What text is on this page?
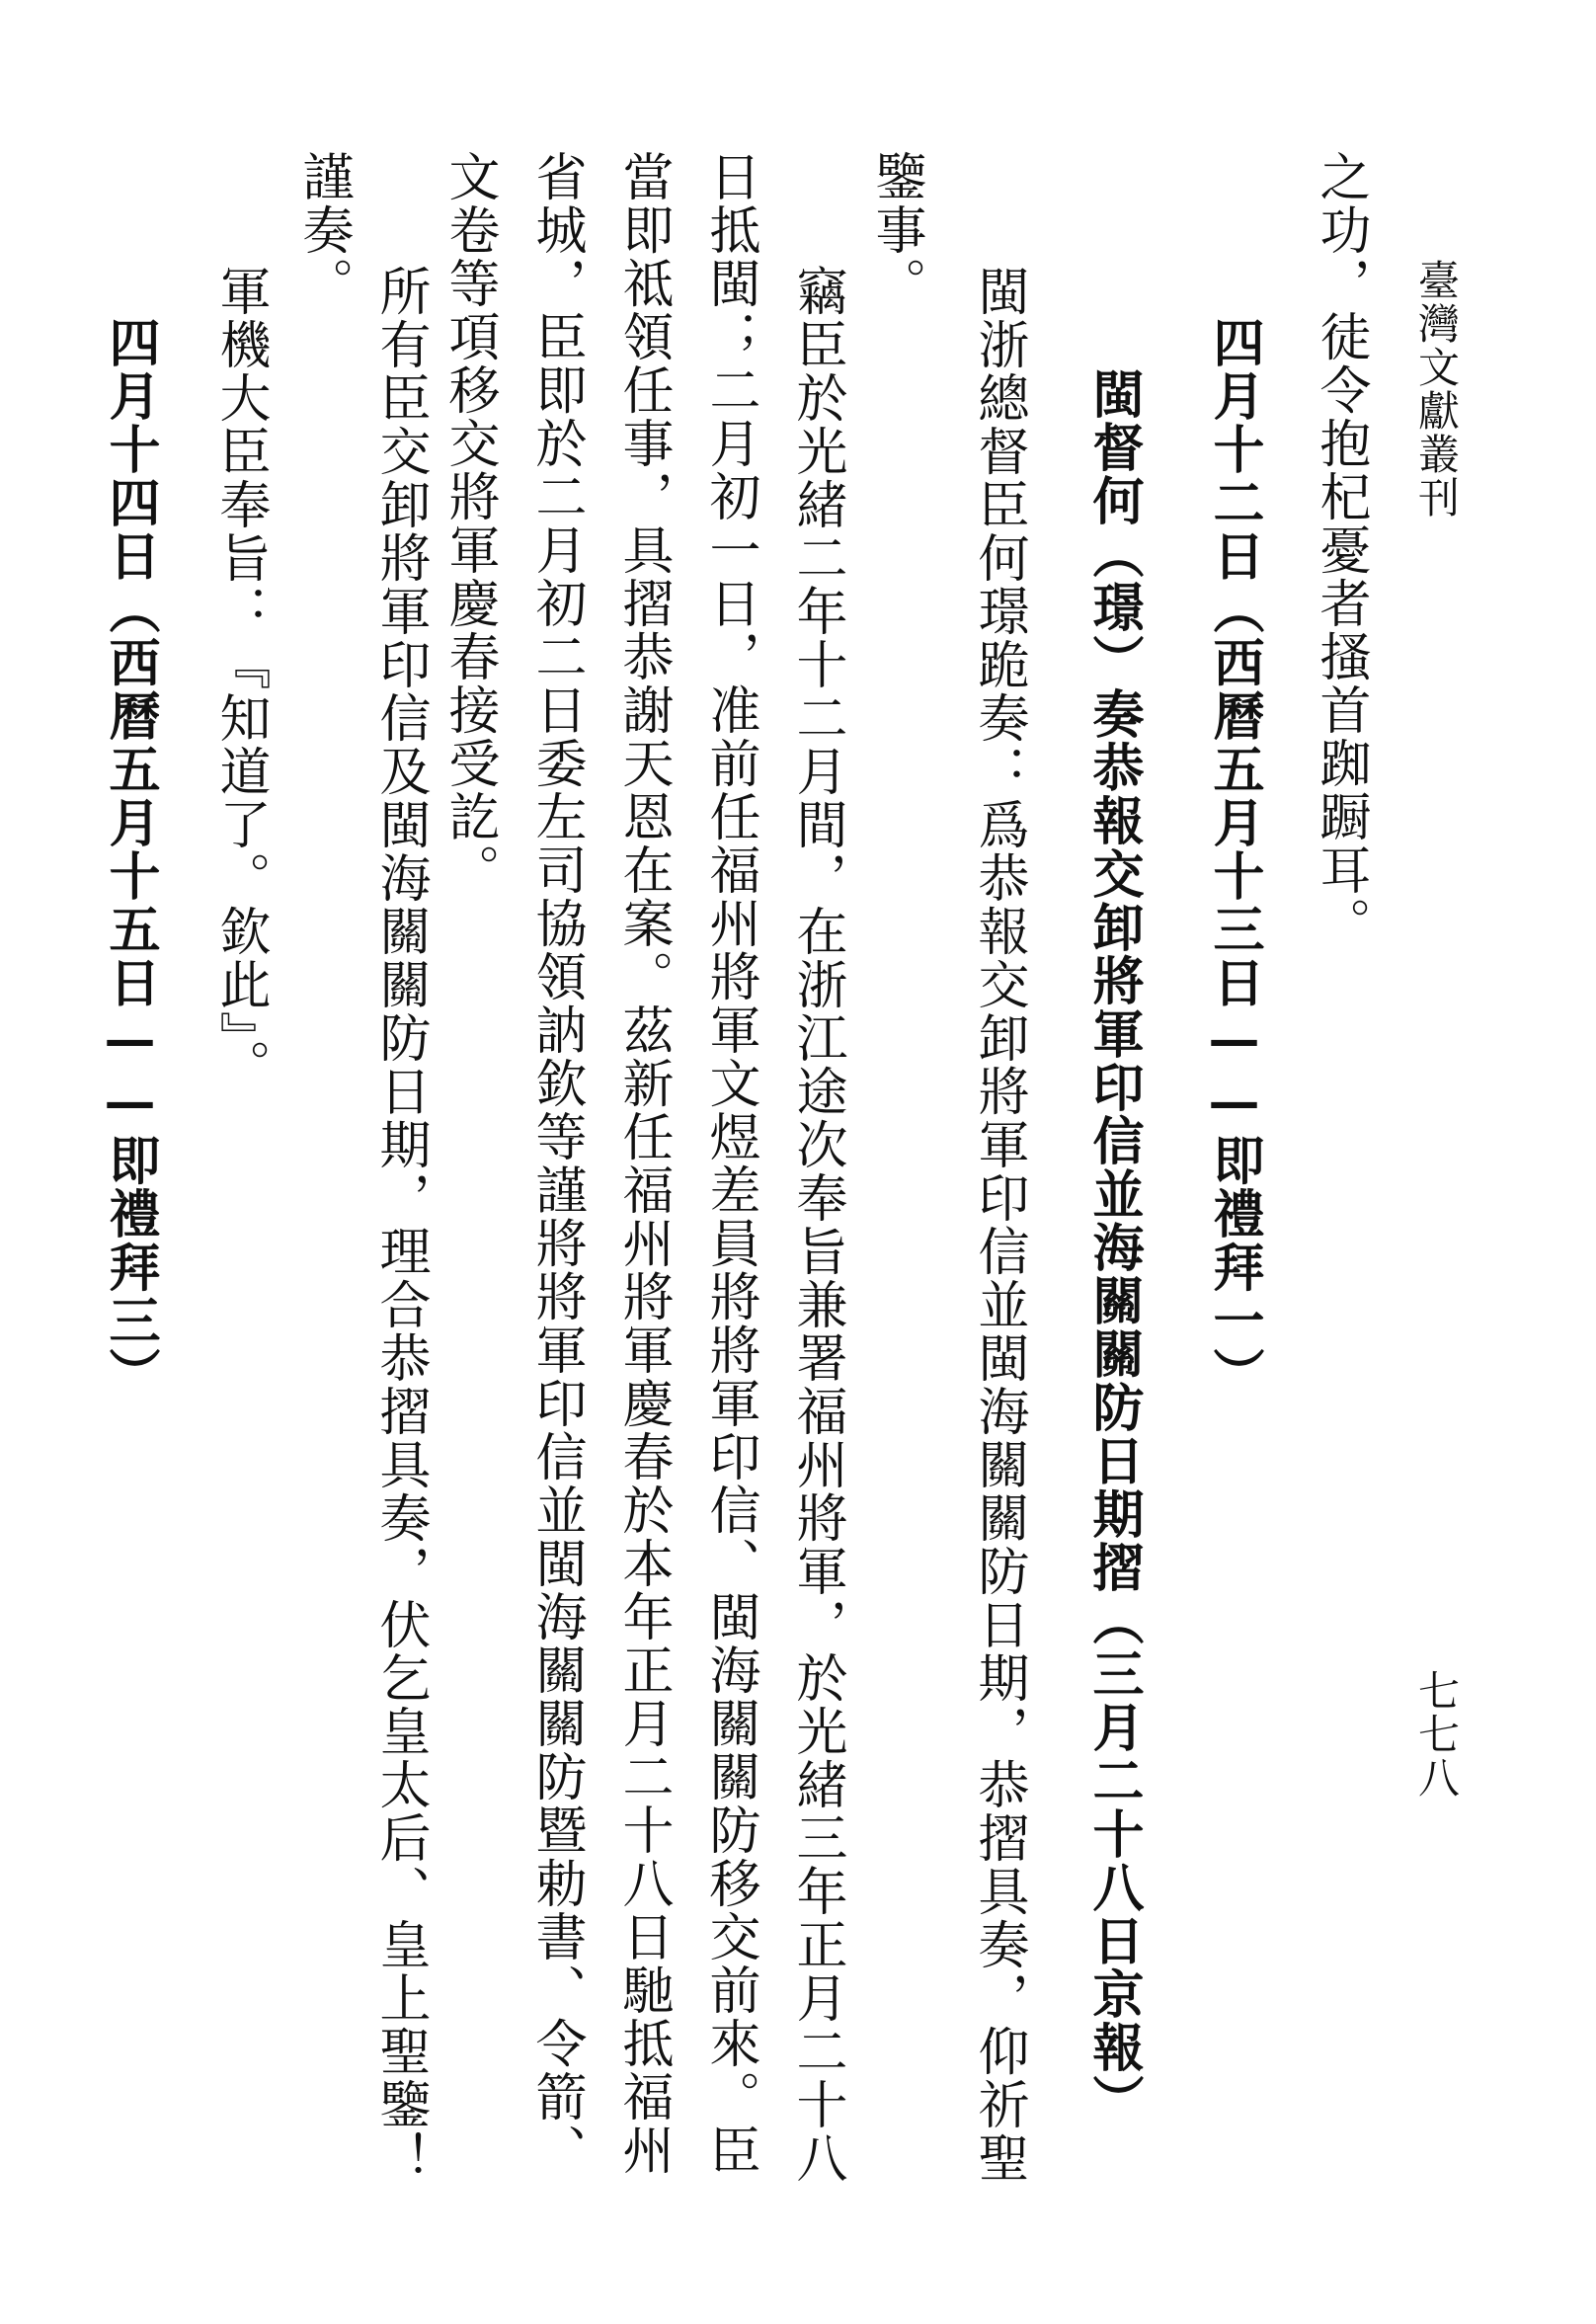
臺灣文獻叢刊
七七八
之功，徒令抱杞憂者搔首踟蹰耳。
四月十二日（西曆五月十三日——即禮拜一）
閩督何（璟）奏恭報交卸將軍印信並海關關防日期摺（三月二十八日京報）
閩浙總督臣何璟跪奏：爲恭報交卸將軍印信並閩海關關防日期，恭摺具奏，仰祈聖
鑒事。
竊臣於光緒二年十二月間，在浙江途次奉旨兼署福州將軍，於光緒三年正月二十八
日抵閩；二月初一日，准前任福州將軍文煜差員將將軍印信、閩海關關防移交前來。臣
當即祗領任事，具摺恭謝天恩在案。茲新任福州將軍慶春於本年正月二十八日馳抵福州
省城，臣即於二月初二日委左司協領訥欽等謹將將軍印信並閩海關關防暨勅書、令箭、
文卷等項移交將軍慶春接受訖。
所有臣交卸將軍印信及閩海關關防日期，理合恭摺具奏，伏乞皇太后、皇上聖鑒！
謹奏。
軍機大臣奉旨：『知道了。欽此』。
四月十四日（西曆五月十五日——即禮拜三）
